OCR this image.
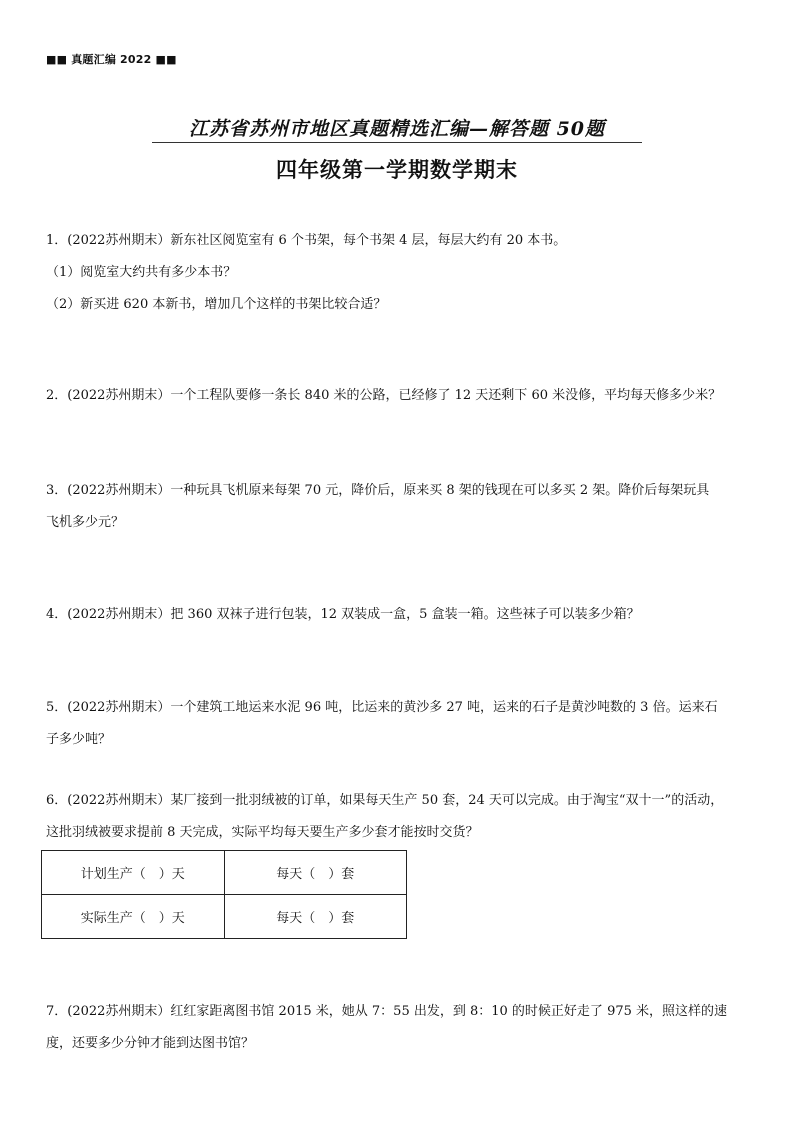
■■ 真题汇编 2022 ■■
江苏省苏州市地区真题精选汇编—解答题 50题
四年级第一学期数学期末

1．(2022苏州期末）新东社区阅览室有 6 个书架，每个书架 4 层，每层大约有 20 本书。

（1）阅览室大约共有多少本书？

（2）新买进 620 本新书，增加几个这样的书架比较合适？

2．(2022苏州期末）一个工程队要修一条长 840 米的公路，已经修了 12 天还剩下 60 米没修，平均每天修多少米？

3．(2022苏州期末）一种玩具飞机原来每架 70 元，降价后，原来买 8 架的钱现在可以多买 2 架。降价后每架玩具

飞机多少元？

4．(2022苏州期末）把 360 双袜子进行包装，12 双装成一盒，5 盒装一箱。这些袜子可以装多少箱？

5．(2022苏州期末）一个建筑工地运来水泥 96 吨，比运来的黄沙多 27 吨，运来的石子是黄沙吨数的 3 倍。运来石

子多少吨？

6．(2022苏州期末）某厂接到一批羽绒被的订单，如果每天生产 50 套，24 天可以完成。由于淘宝“双十一”的活动，

这批羽绒被要求提前 8 天完成，实际平均每天要生产多少套才能按时交货？

计划生产（　）天	每天（　）套
实际生产（　）天	每天（　）套

7．(2022苏州期末）红红家距离图书馆 2015 米，她从 7：55 出发，到 8：10 的时候正好走了 975 米，照这样的速

度，还要多少分钟才能到达图书馆？
